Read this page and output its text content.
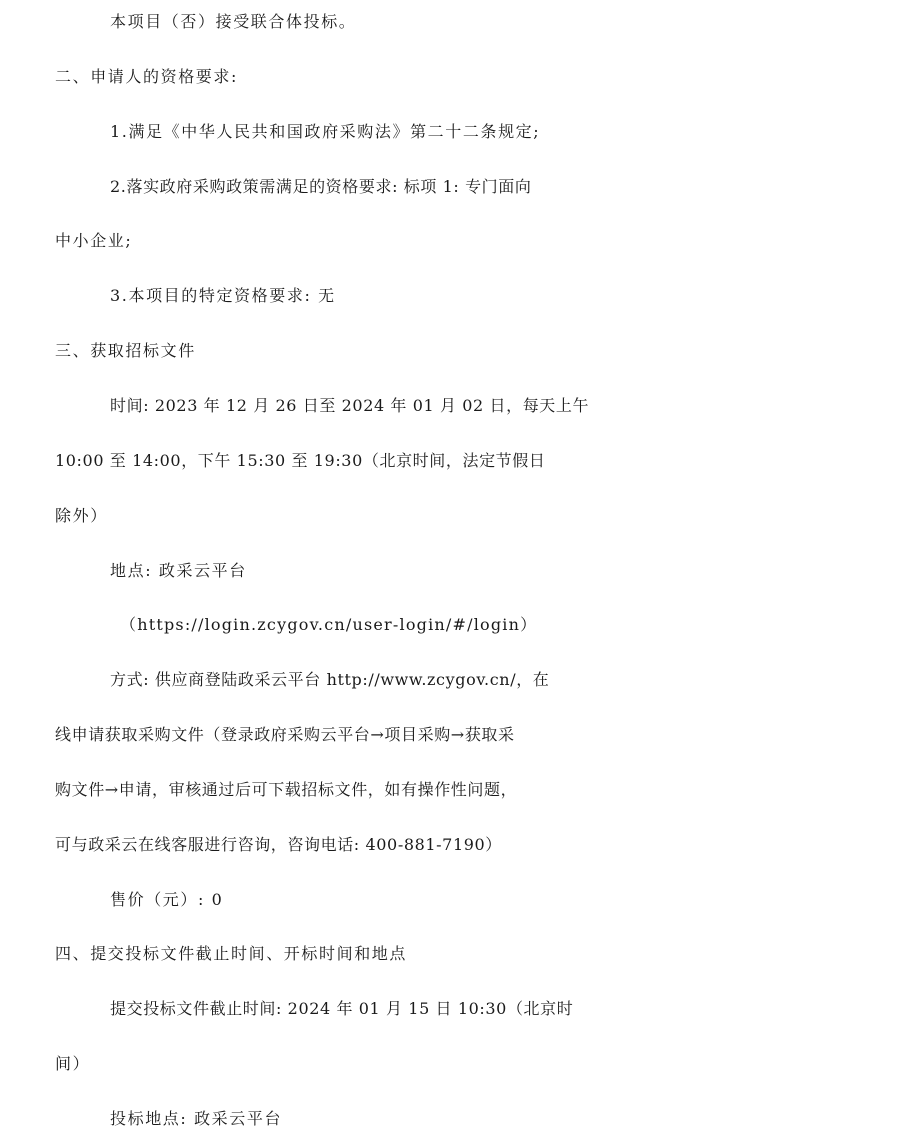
本项目（否）接受联合体投标。
二、申请人的资格要求:
1.满足《中华人民共和国政府采购法》第二十二条规定;
2.落实政府采购政策需满足的资格要求: 标项 1: 专门面向
中小企业;
3.本项目的特定资格要求: 无
三、获取招标文件
时间: 2023 年 12 月 26 日至 2024 年 01 月 02 日，每天上午
10:00 至 14:00，下午 15:30 至 19:30（北京时间，法定节假日
除外）
地点: 政采云平台
（https://login.zcygov.cn/user-login/#/login）
方式: 供应商登陆政采云平台 http://www.zcygov.cn/，在
线申请获取采购文件（登录政府采购云平台→项目采购→获取采
购文件→申请，审核通过后可下载招标文件，如有操作性问题，
可与政采云在线客服进行咨询，咨询电话: 400-881-7190）
售价（元）: 0
四、提交投标文件截止时间、开标时间和地点
提交投标文件截止时间: 2024 年 01 月 15 日 10:30（北京时
间）
投标地点: 政采云平台
